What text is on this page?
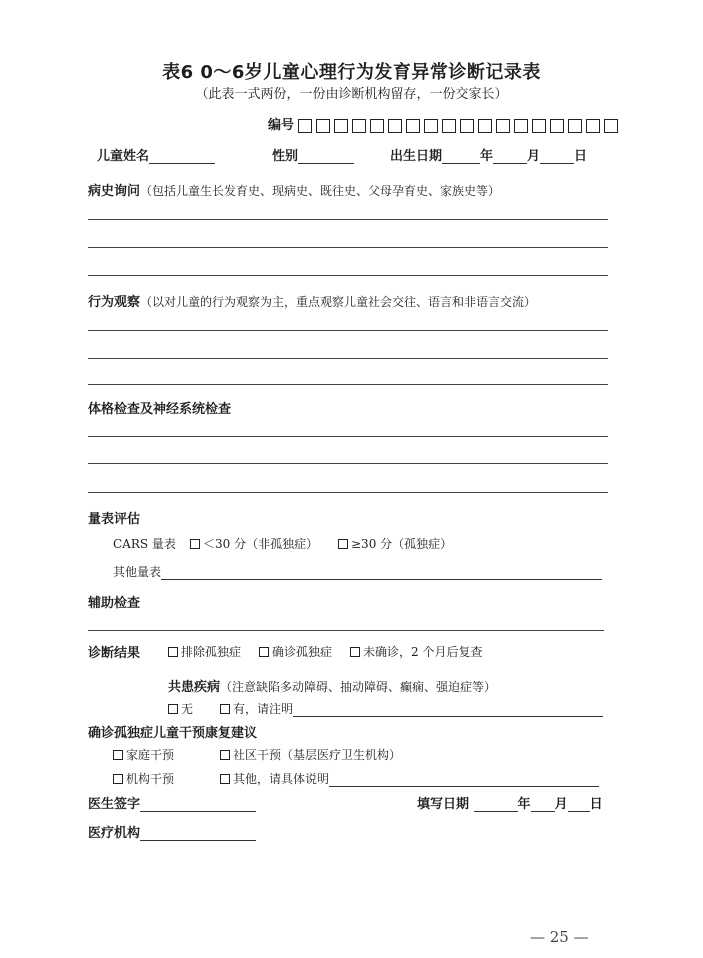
表6 0～6岁儿童心理行为发育异常诊断记录表
（此表一式两份，一份由诊断机构留存，一份交家长）
编号
儿童姓名	性别	出生日期	年	月	日
病史询问（包括儿童生长发育史、现病史、既往史、父母孕育史、家族史等）
行为观察（以对儿童的行为观察为主，重点观察儿童社会交往、语言和非语言交流）
体格检查及神经系统检查
量表评估
CARS 量表	＜30 分（非孤独症）	≥30 分（孤独症）
其他量表
辅助检查
诊断结果	排除孤独症	确诊孤独症	未确诊，2 个月后复查
共患疾病（注意缺陷多动障碍、抽动障碍、癫痫、强迫症等）
无	有，请注明
确诊孤独症儿童干预康复建议
家庭干预	社区干预（基层医疗卫生机构）
机构干预	其他，请具体说明
医生签字	填写日期	年 月 日
医疗机构
— 25 —
